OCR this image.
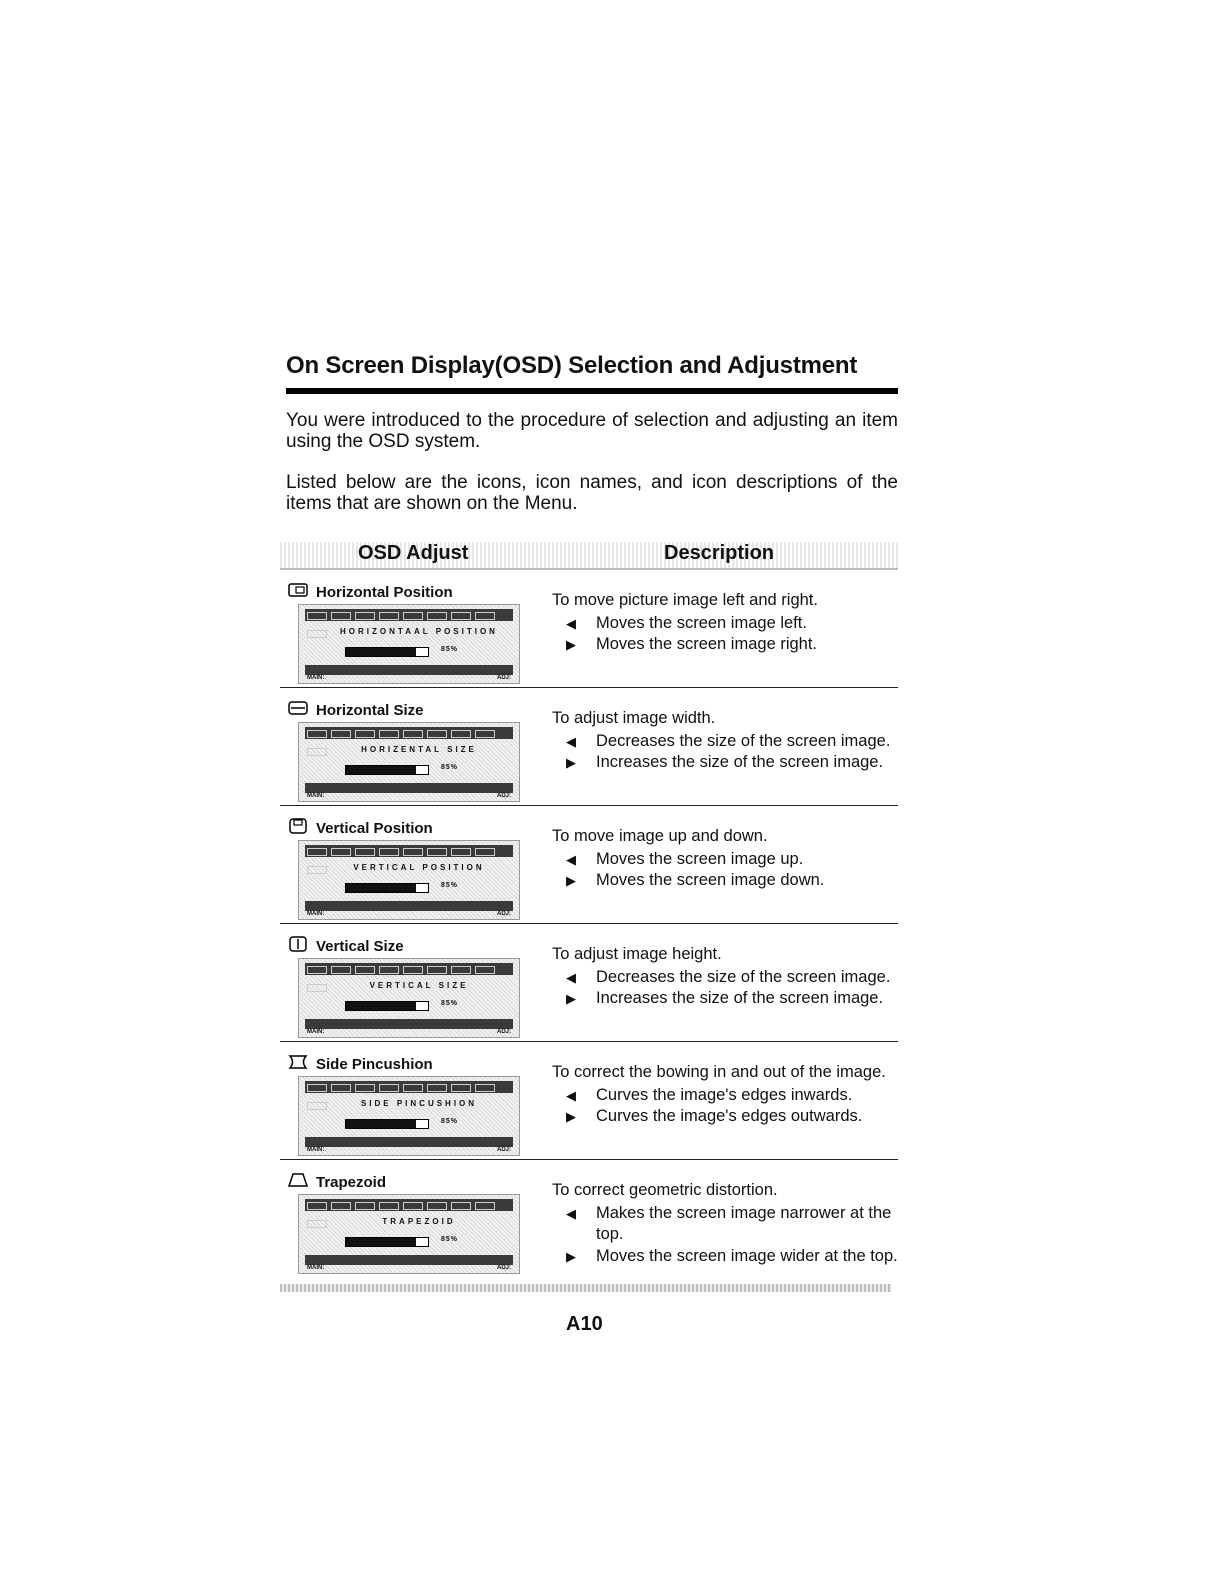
On Screen Display(OSD) Selection and Adjustment

You were introduced to the procedure of selection and adjusting an item using the OSD system.

Listed below are the icons, icon names, and icon descriptions of the items that are shown on the Menu.

OSD Adjust	Description
Horizontal Position
HORIZONTAAL POSITION
85%
MAIN:	ADJ:
To move picture image left and right.
◀	Moves the screen image left.
▶	Moves the screen image right.
Horizontal Size
HORIZENTAL SIZE
85%
MAIN:	ADJ:
To adjust image width.
◀	Decreases the size of the screen image.
▶	Increases the size of the screen image.
Vertical Position
VERTICAL POSITION
85%
MAIN:	ADJ:
To move image up and down.
◀	Moves the screen image up.
▶	Moves the screen image down.
Vertical Size
VERTICAL SIZE
85%
MAIN:	ADJ:
To adjust image height.
◀	Decreases the size of the screen image.
▶	Increases the size of the screen image.
Side Pincushion
SIDE PINCUSHION
85%
MAIN:	ADJ:
To correct the bowing in and out of the image.
◀	Curves the image's edges inwards.
▶	Curves the image's edges outwards.
Trapezoid
TRAPEZOID
85%
MAIN:	ADJ:
To correct geometric distortion.
◀	Makes the screen image narrower at the top.
▶	Moves the screen image wider at the top.
A10
